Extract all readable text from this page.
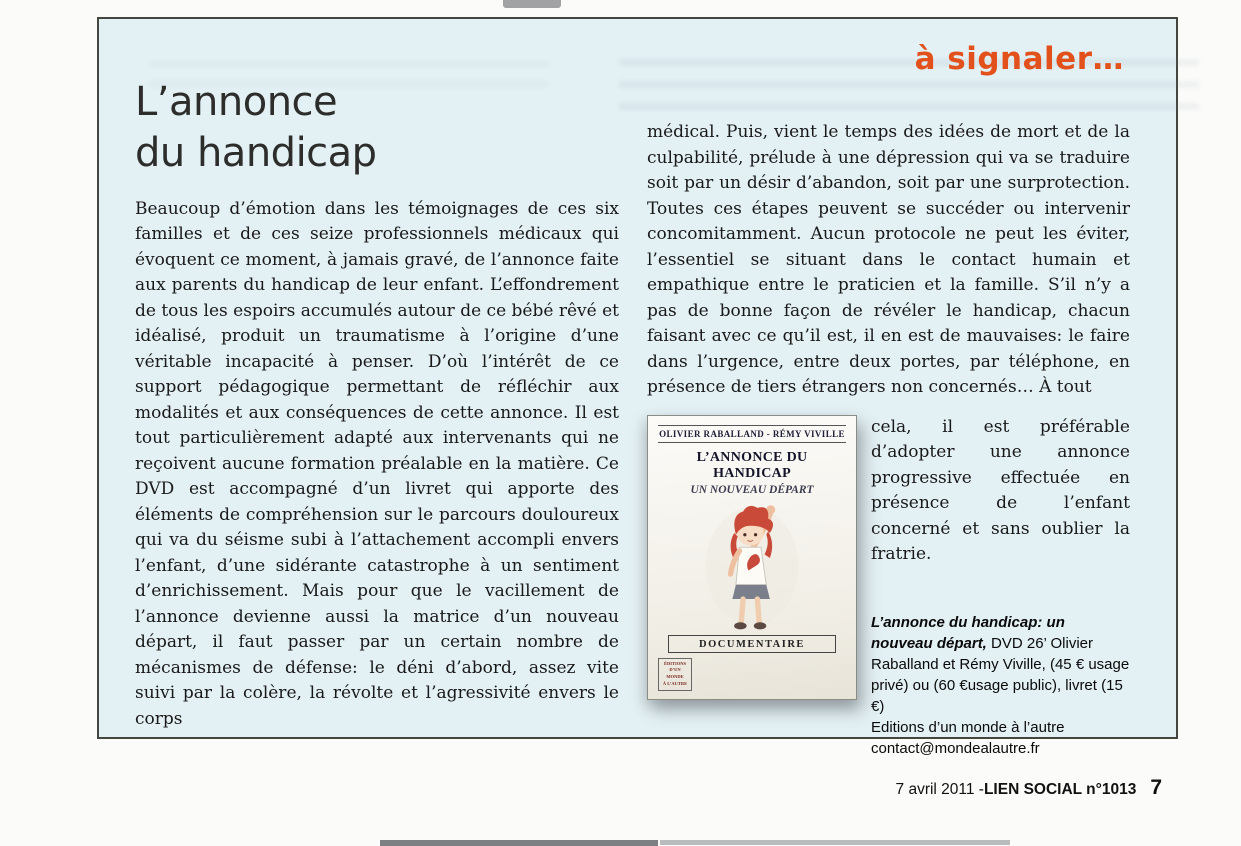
à signaler…
L’annonce
du handicap

Beaucoup d’émotion dans les témoignages de ces six familles et de ces seize professionnels médicaux qui évoquent ce moment, à jamais gravé, de l’annonce faite aux parents du handicap de leur enfant. L’effondrement de tous les espoirs accumulés autour de ce bébé rêvé et idéalisé, produit un traumatisme à l’origine d’une véritable incapacité à penser. D’où l’intérêt de ce support pédagogique permettant de réfléchir aux modalités et aux conséquences de cette annonce. Il est tout particulièrement adapté aux intervenants qui ne reçoivent aucune formation préalable en la matière. Ce DVD est accompagné d’un livret qui apporte des éléments de compréhension sur le parcours douloureux qui va du séisme subi à l’attachement accompli envers l’enfant, d’une sidérante catastrophe à un sentiment d’enrichissement. Mais pour que le vacillement de l’annonce devienne aussi la matrice d’un nouveau départ, il faut passer par un certain nombre de mécanismes de défense: le déni d’abord, assez vite suivi par la colère, la révolte et l’agressivité envers le corps

médical. Puis, vient le temps des idées de mort et de la culpabilité, prélude à une dépression qui va se traduire soit par un désir d’abandon, soit par une surprotection. Toutes ces étapes peuvent se succéder ou intervenir concomitamment. Aucun protocole ne peut les éviter, l’essentiel se situant dans le contact humain et empathique entre le praticien et la famille. S’il n’y a pas de bonne façon de révéler le handicap, chacun faisant avec ce qu’il est, il en est de mauvaises: le faire dans l’urgence, entre deux portes, par téléphone, en présence de tiers étrangers non concernés… À tout

OLIVIER RABALLAND - RÉMY VIVILLE
L’ANNONCE DU HANDICAP
UN NOUVEAU DÉPART
DOCUMENTAIRE
ÉDITIONS
D’UN MONDE
À L’AUTRE

cela, il est préférable d’adopter une annonce progressive effectuée en présence de l’enfant concerné et sans oublier la fratrie.

L’annonce du handicap: un nouveau départ, DVD 26’ Olivier Raballand et Rémy Viville, (45 € usage privé) ou (60 €usage public), livret (15 €)
Editions d’un monde à l’autre
contact@mondealautre.fr
7 avril 2011 - LIEN SOCIAL n°1013 7
